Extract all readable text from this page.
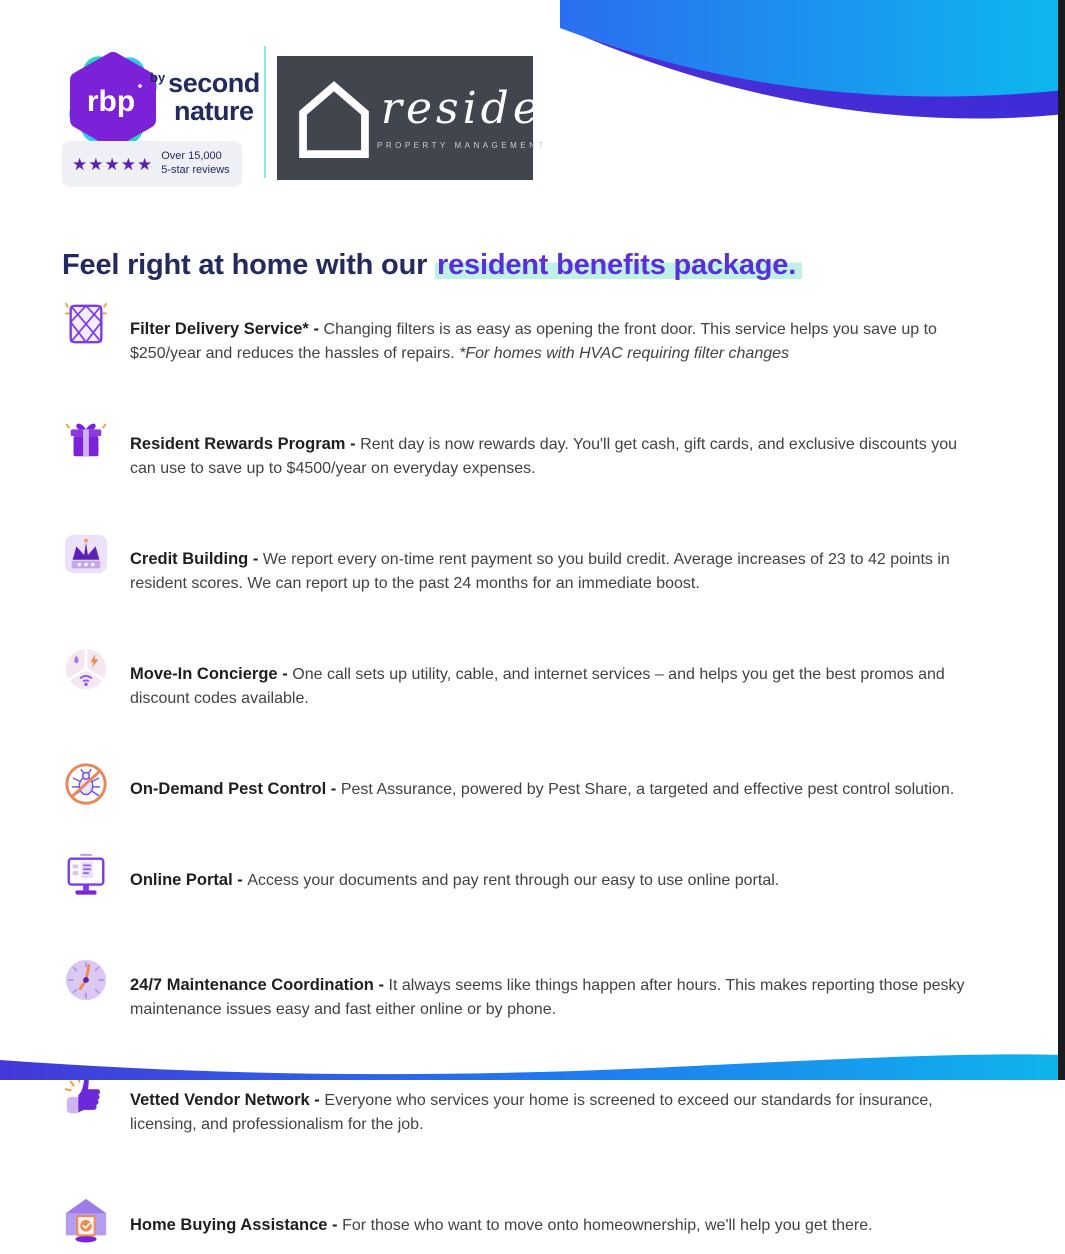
rbp
$^{by}$ second
nature
★★★★★ Over 15,000
5-star reviews
reside
PROPERTY MANAGEMENT
Feel right at home with our resident benefits package.

Filter Delivery Service* - Changing filters is as easy as opening the front door. This service helps you save up to $250/year and reduces the hassles of repairs. *For homes with HVAC requiring filter changes

Resident Rewards Program - Rent day is now rewards day. You'll get cash, gift cards, and exclusive discounts you can use to save up to $4500/year on everyday expenses.

Credit Building - We report every on-time rent payment so you build credit. Average increases of 23 to 42 points in resident scores. We can report up to the past 24 months for an immediate boost.

Move-In Concierge - One call sets up utility, cable, and internet services – and helps you get the best promos and discount codes available.

On-Demand Pest Control - Pest Assurance, powered by Pest Share, a targeted and effective pest control solution.

Online Portal - Access your documents and pay rent through our easy to use online portal.

24/7 Maintenance Coordination - It always seems like things happen after hours. This makes reporting those pesky maintenance issues easy and fast either online or by phone.

Vetted Vendor Network - Everyone who services your home is screened to exceed our standards for insurance, licensing, and professionalism for the job.

Home Buying Assistance - For those who want to move onto homeownership, we'll help you get there.
